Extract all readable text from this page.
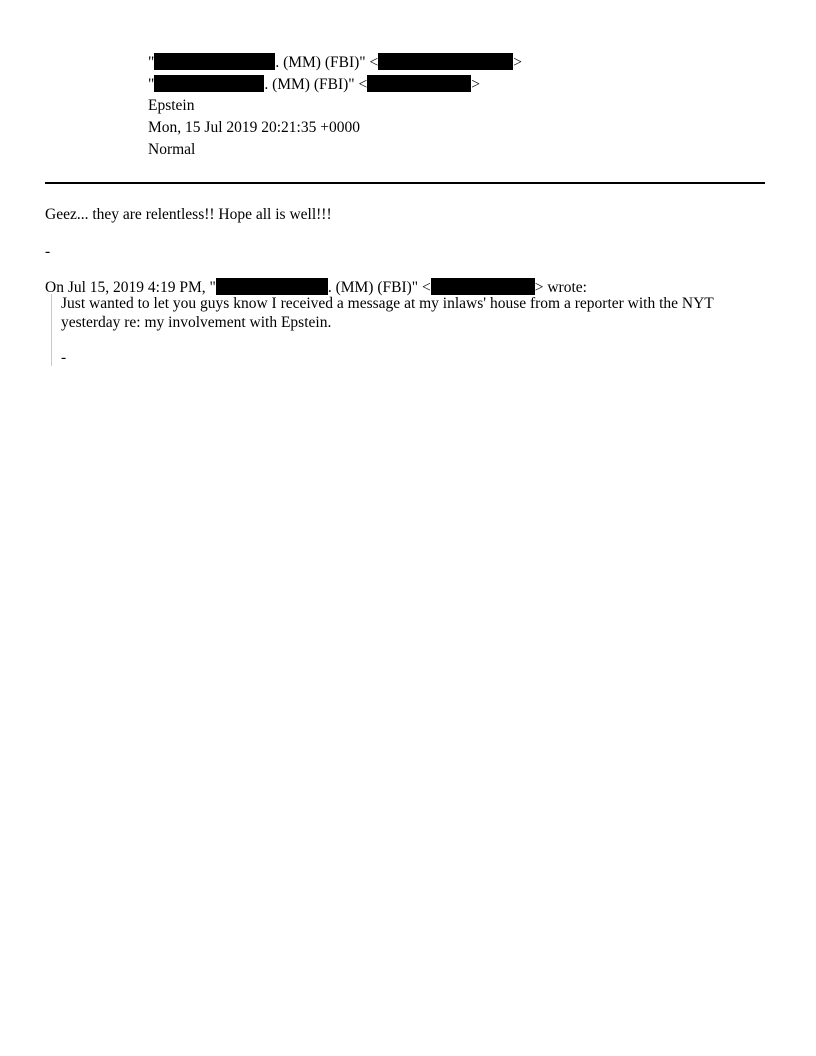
"	. (MM) (FBI)" <	>
"	. (MM) (FBI)" <	>
Epstein
Mon, 15 Jul 2019 20:21:35 +0000
Normal
Geez... they are relentless!! Hope all is well!!!
-
On Jul 15, 2019 4:19 PM, "	. (MM) (FBI)" <	> wrote:
Just wanted to let you guys know I received a message at my inlaws' house from a reporter with the NYT yesterday re: my involvement with Epstein.
-
